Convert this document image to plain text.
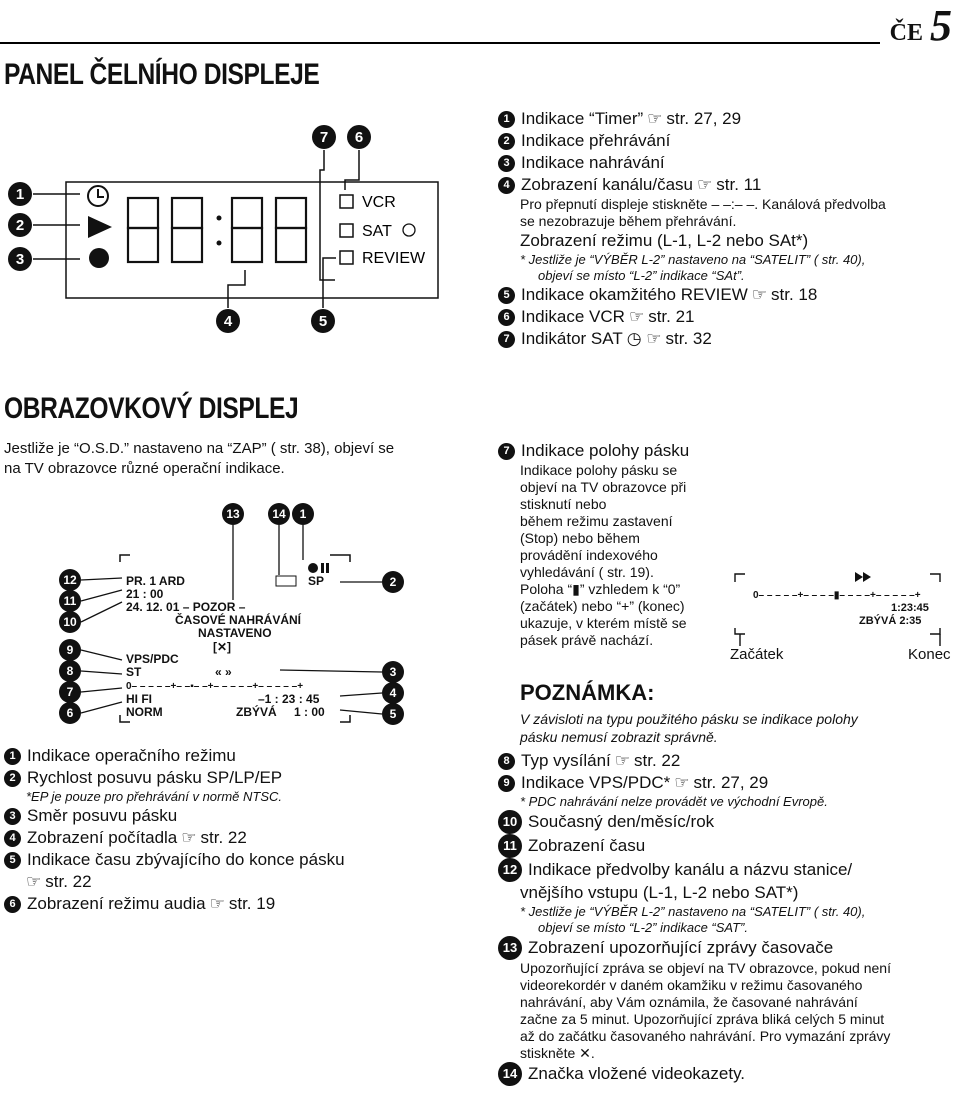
ČE 5
PANEL ČELNÍHO DISPLEJE
1
2
3
4	5
6
7
VCR
SAT
REVIEW
1 Indikace “Timer” ☞ str. 27, 29
2 Indikace přehrávání
3 Indikace nahrávání
4 Zobrazení kanálu/času ☞ str. 11
Pro přepnutí displeje stiskněte – –:– –. Kanálová předvolba
se nezobrazuje během přehrávání.
Zobrazení režimu (L-1, L-2 nebo SAt*)
* Jestliže je “VÝBĚR L-2” nastaveno na “SATELIT” ( str. 40),
objeví se místo “L-2” indikace “SAt”.
5 Indikace okamžitého REVIEW ☞ str. 18
6 Indikace VCR ☞ str. 21
7 Indikátor SAT ◷ ☞ str. 32
OBRAZOVKOVÝ DISPLEJ
Jestliže je “O.S.D.” nastaveno na “ZAP” ( str. 38), objeví se
na TV obrazovce různé operační indikace.
12
11
10
9
8
7
6
2
3
4
5
13	14 1
SP
PR. 1 ARD
21 : 00
24. 12. 01 – POZOR –
ČASOVÉ NAHRÁVÁNÍ
NASTAVENO
[✕]
VPS/PDC
ST	« »
0– – – – –+– –▪– –+– – – – –+– – – – –+
HI FI	–1 : 23 : 45
NORM	ZBÝVÁ 1 : 00
1 Indikace operačního režimu
2 Rychlost posuvu pásku SP/LP/EP
*EP je pouze pro přehrávání v normě NTSC.
3 Směr posuvu pásku
4 Zobrazení počítadla ☞ str. 22
5 Indikace času zbývajícího do konce pásku
☞ str. 22
6 Zobrazení režimu audia ☞ str. 19
7 Indikace polohy pásku
Indikace polohy pásku se
objeví na TV obrazovce při
stisknutí nebo
během režimu zastavení
(Stop) nebo během
provádění indexového
vyhledávání ( str. 19).
Poloha “▮” vzhledem k “0”
(začátek) nebo “+” (konec)
ukazuje, v kterém místě se
pásek právě nachází.
0– – – – –+– – – –▮– – – –+– – – – –+
1:23:45
ZBÝVÁ 2:35
Začátek	Konec
POZNÁMKA:
V závisloti na typu použitého pásku se indikace polohy
pásku nemusí zobrazit správně.
8 Typ vysílání ☞ str. 22
9 Indikace VPS/PDC* ☞ str. 27, 29
* PDC nahrávání nelze provádět ve východní Evropě.
10 Současný den/měsíc/rok
11 Zobrazení času
12 Indikace předvolby kanálu a názvu stanice/
vnějšího vstupu (L-1, L-2 nebo SAT*)
* Jestliže je “VÝBĚR L-2” nastaveno na “SATELIT” ( str. 40),
objeví se místo “L-2” indikace “SAT”.
13 Zobrazení upozorňující zprávy časovače
Upozorňující zpráva se objeví na TV obrazovce, pokud není
videorekordér v daném okamžiku v režimu časovaného
nahrávání, aby Vám oznámila, že časované nahrávání
začne za 5 minut. Upozorňující zpráva bliká celých 5 minut
až do začátku časovaného nahrávání. Pro vymazání zprávy
stiskněte ✕.
14 Značka vložené videokazety.
